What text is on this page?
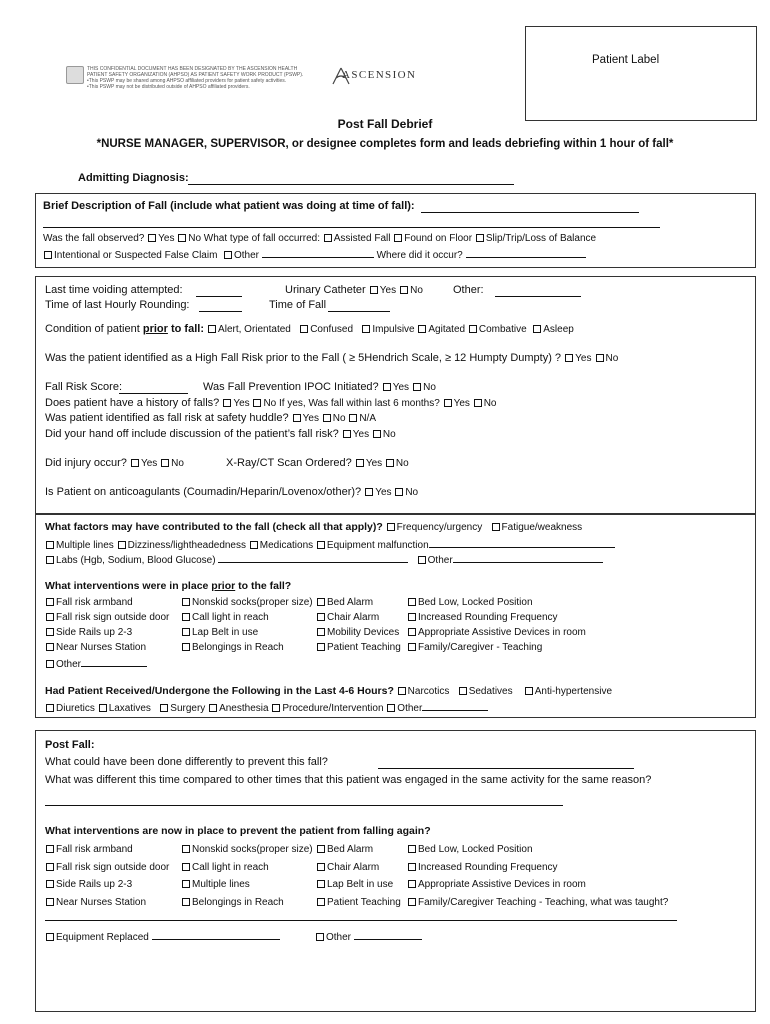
Patient Label
THIS CONFIDENTIAL DOCUMENT HAS BEEN DESIGNATED BY THE ASCENSION HEALTH
PATIENT SAFETY ORGANIZATION (AHPSO) AS PATIENT SAFETY WORK PRODUCT (PSWP).
•This PSWP may be shared among AHPSO affiliated providers for patient safety activities.
•This PSWP may not be distributed outside of AHPSO affiliated providers.
ASCENSION
Post Fall Debrief
*NURSE MANAGER, SUPERVISOR, or designee completes form and leads debriefing within 1 hour of fall*
Admitting Diagnosis:
Brief Description of Fall (include what patient was doing at time of fall):
Was the fall observed? Yes No What type of fall occurred: Assisted Fall Found on Floor Slip/Trip/Loss of Balance
Intentional or Suspected False Claim Other	Where did it occur?
Last time voiding attempted:	Urinary Catheter Yes No	Other:
Time of last Hourly Rounding:	Time of Fall
Condition of patient prior to fall: Alert, Orientated Confused Impulsive Agitated Combative Asleep
Was the patient identified as a High Fall Risk prior to the Fall ( ≥ 5Hendrich Scale, ≥ 12 Humpty Dumpty) ? Yes No
Fall Risk Score:	Was Fall Prevention IPOC Initiated? Yes No
Does patient have a history of falls? Yes No If yes, Was fall within last 6 months? Yes No
Was patient identified as fall risk at safety huddle? Yes No N/A
Did your hand off include discussion of the patient’s fall risk? Yes No
Did injury occur? Yes No	X-Ray/CT Scan Ordered? Yes No
Is Patient on anticoagulants (Coumadin/Heparin/Lovenox/other)? Yes No
What factors may have contributed to the fall (check all that apply)? Frequency/urgency Fatigue/weakness
Multiple lines Dizziness/lightheadedness Medications Equipment malfunction
Labs (Hgb, Sodium, Blood Glucose)	Other
What interventions were in place prior to the fall?
Fall risk armband	Nonskid socks(proper size)	Bed Alarm	Bed Low, Locked Position
Fall risk sign outside door	Call light in reach	Chair Alarm	Increased Rounding Frequency
Side Rails up 2-3	Lap Belt in use	Mobility Devices	Appropriate Assistive Devices in room
Near Nurses Station	Belongings in Reach	Patient Teaching	Family/Caregiver - Teaching
Other
Had Patient Received/Undergone the Following in the Last 4-6 Hours? Narcotics Sedatives Anti-hypertensive
Diuretics Laxatives Surgery Anesthesia Procedure/Intervention Other
Post Fall:
What could have been done differently to prevent this fall?
What was different this time compared to other times that this patient was engaged in the same activity for the same reason?
What interventions are now in place to prevent the patient from falling again?
Fall risk armband	Nonskid socks(proper size)	Bed Alarm	Bed Low, Locked Position
Fall risk sign outside door	Call light in reach	Chair Alarm	Increased Rounding Frequency
Side Rails up 2-3	Multiple lines	Lap Belt in use	Appropriate Assistive Devices in room
Near Nurses Station	Belongings in Reach	Patient Teaching	Family/Caregiver Teaching - Teaching, what was taught?
Equipment Replaced	Other
